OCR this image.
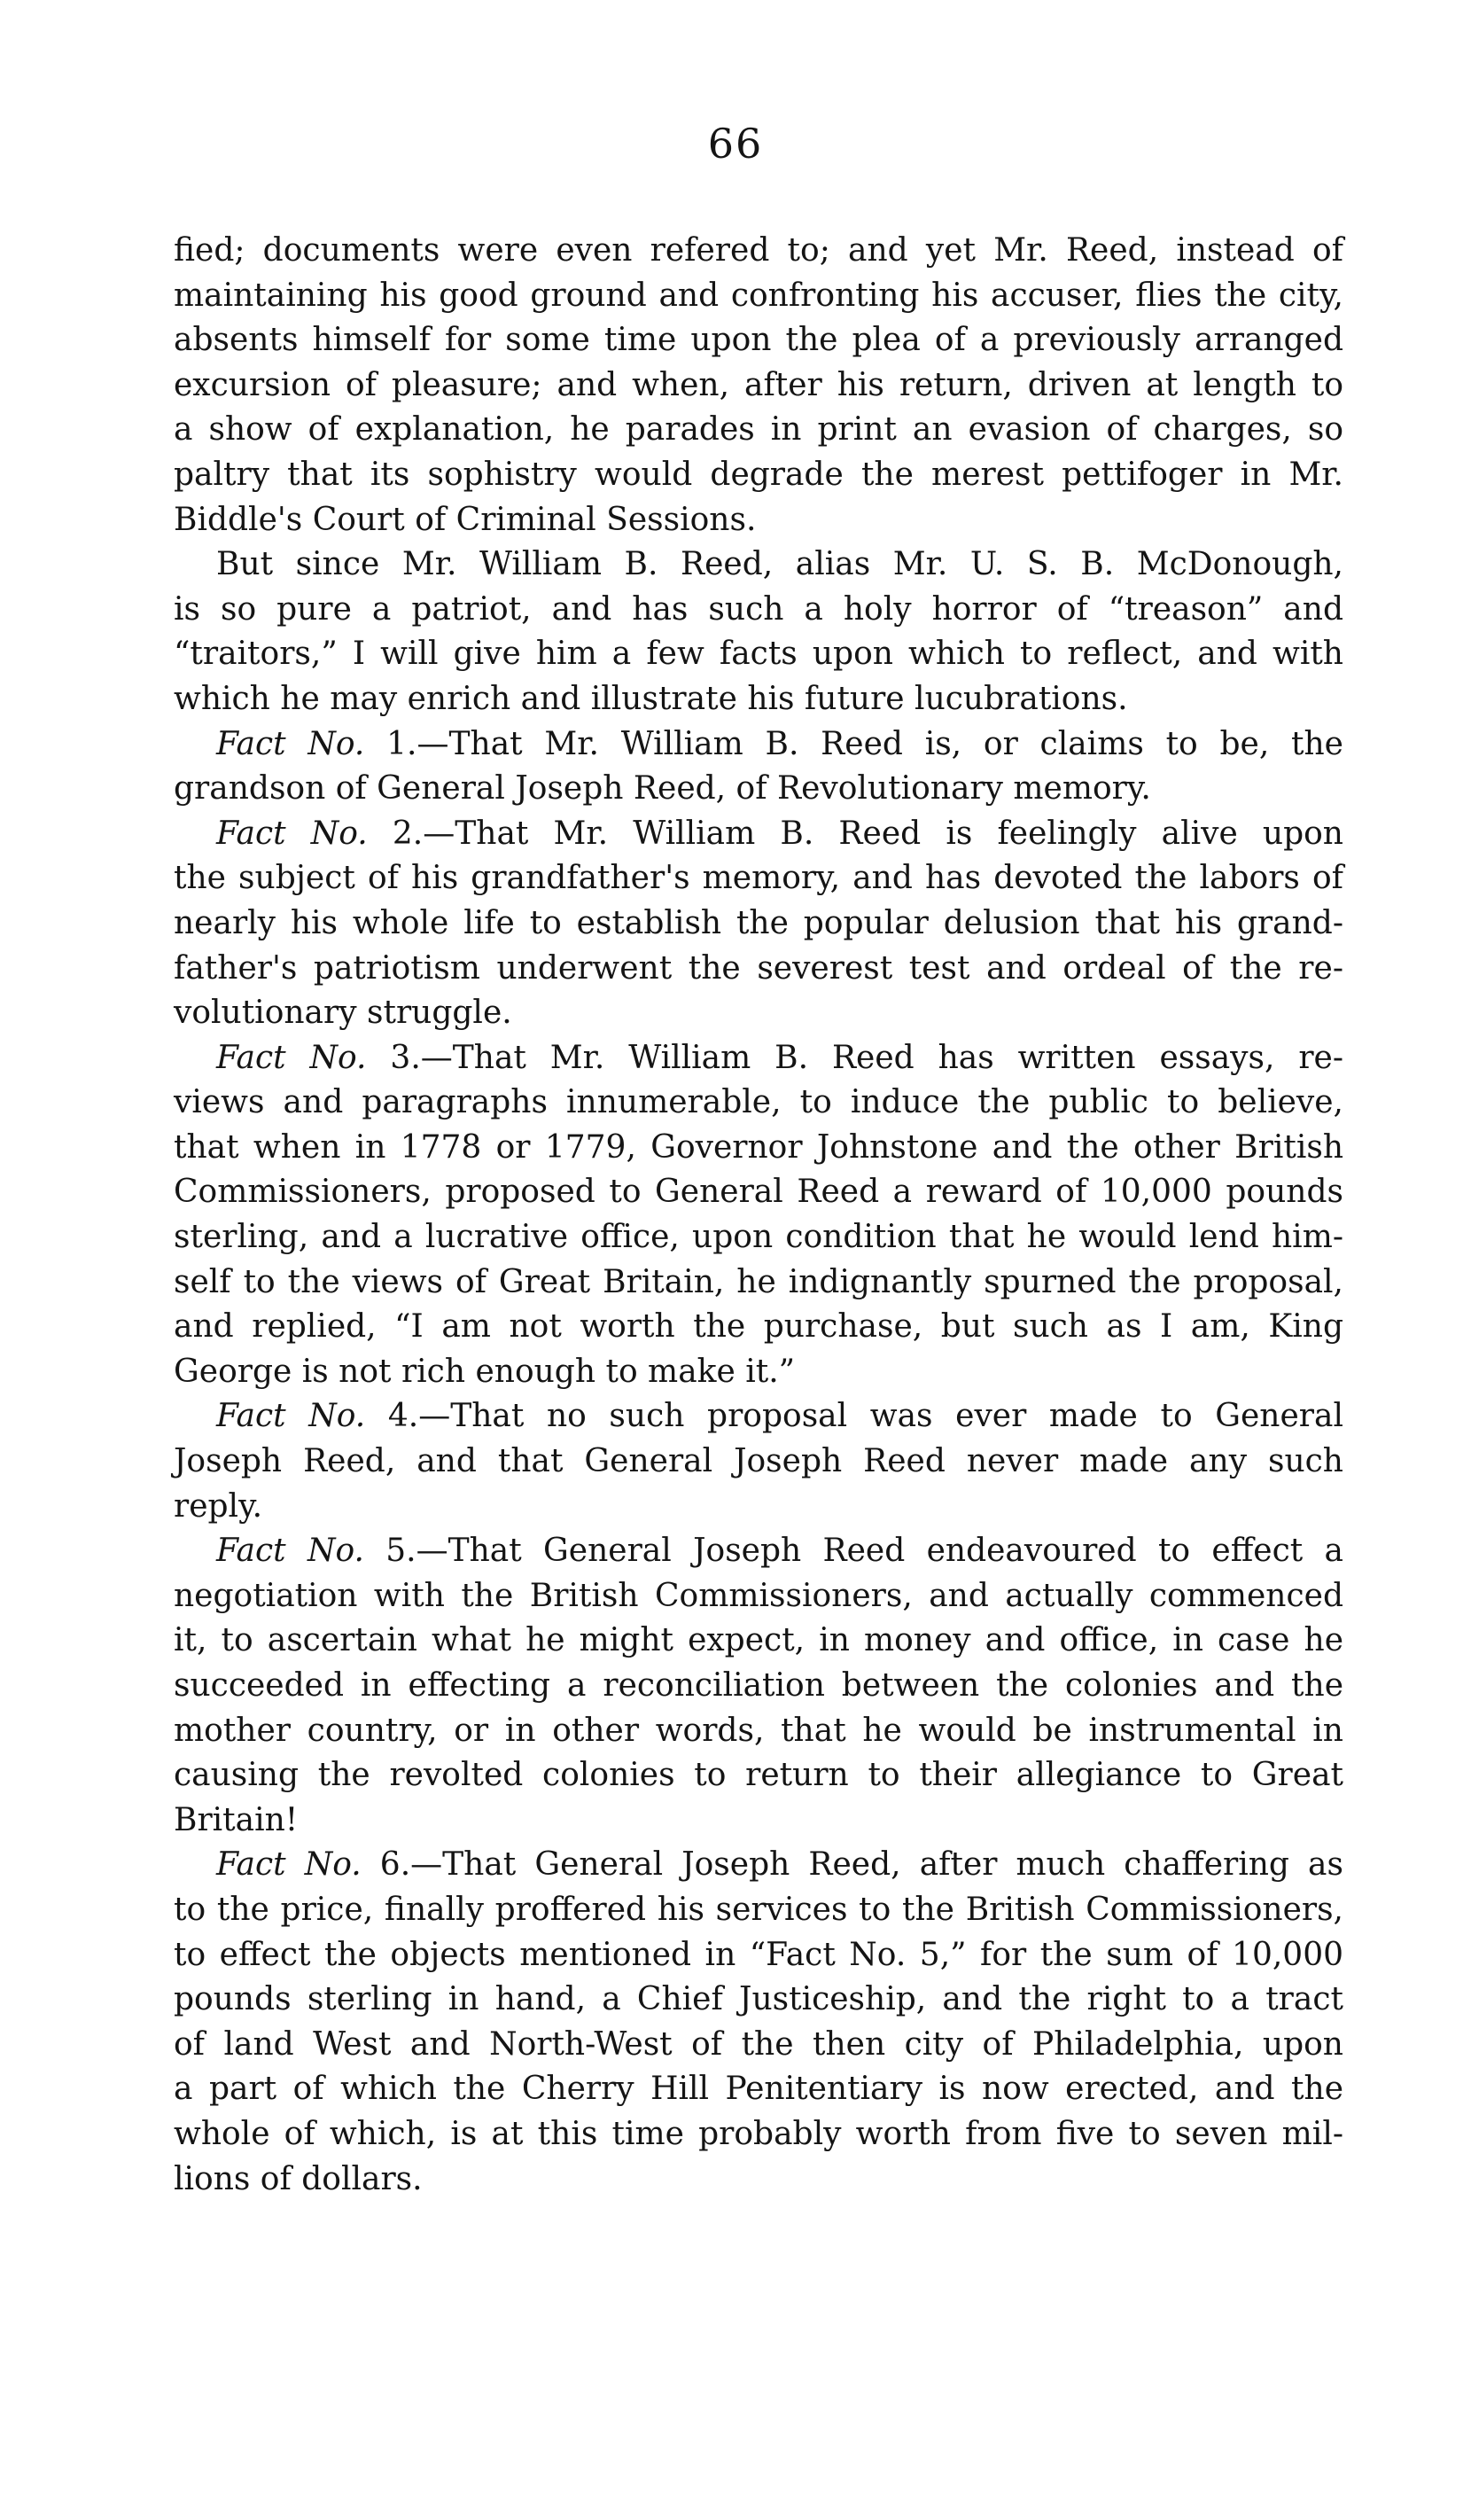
66
fied; documents were even refered to; and yet Mr. Reed, instead of
maintaining his good ground and confronting his accuser, flies the city,
absents himself for some time upon the plea of a previously arranged
excursion of pleasure; and when, after his return, driven at length to
a show of explanation, he parades in print an evasion of charges, so
paltry that its sophistry would degrade the merest pettifoger in Mr.
Biddle's Court of Criminal Sessions.
But since Mr. William B. Reed, alias Mr. U. S. B. McDonough,
is so pure a patriot, and has such a holy horror of “treason” and
“traitors,” I will give him a few facts upon which to reflect, and with
which he may enrich and illustrate his future lucubrations.
Fact No. 1.—That Mr. William B. Reed is, or claims to be, the
grandson of General Joseph Reed, of Revolutionary memory.
Fact No. 2.—That Mr. William B. Reed is feelingly alive upon
the subject of his grandfather's memory, and has devoted the labors of
nearly his whole life to establish the popular delusion that his grand-
father's patriotism underwent the severest test and ordeal of the re-
volutionary struggle.
Fact No. 3.—That Mr. William B. Reed has written essays, re-
views and paragraphs innumerable, to induce the public to believe,
that when in 1778 or 1779, Governor Johnstone and the other British
Commissioners, proposed to General Reed a reward of 10,000 pounds
sterling, and a lucrative office, upon condition that he would lend him-
self to the views of Great Britain, he indignantly spurned the proposal,
and replied, “I am not worth the purchase, but such as I am, King
George is not rich enough to make it.”
Fact No. 4.—That no such proposal was ever made to General
Joseph Reed, and that General Joseph Reed never made any such
reply.
Fact No. 5.—That General Joseph Reed endeavoured to effect a
negotiation with the British Commissioners, and actually commenced
it, to ascertain what he might expect, in money and office, in case he
succeeded in effecting a reconciliation between the colonies and the
mother country, or in other words, that he would be instrumental in
causing the revolted colonies to return to their allegiance to Great
Britain!
Fact No. 6.—That General Joseph Reed, after much chaffering as
to the price, finally proffered his services to the British Commissioners,
to effect the objects mentioned in “Fact No. 5,” for the sum of 10,000
pounds sterling in hand, a Chief Justiceship, and the right to a tract
of land West and North-West of the then city of Philadelphia, upon
a part of which the Cherry Hill Penitentiary is now erected, and the
whole of which, is at this time probably worth from five to seven mil-
lions of dollars.
